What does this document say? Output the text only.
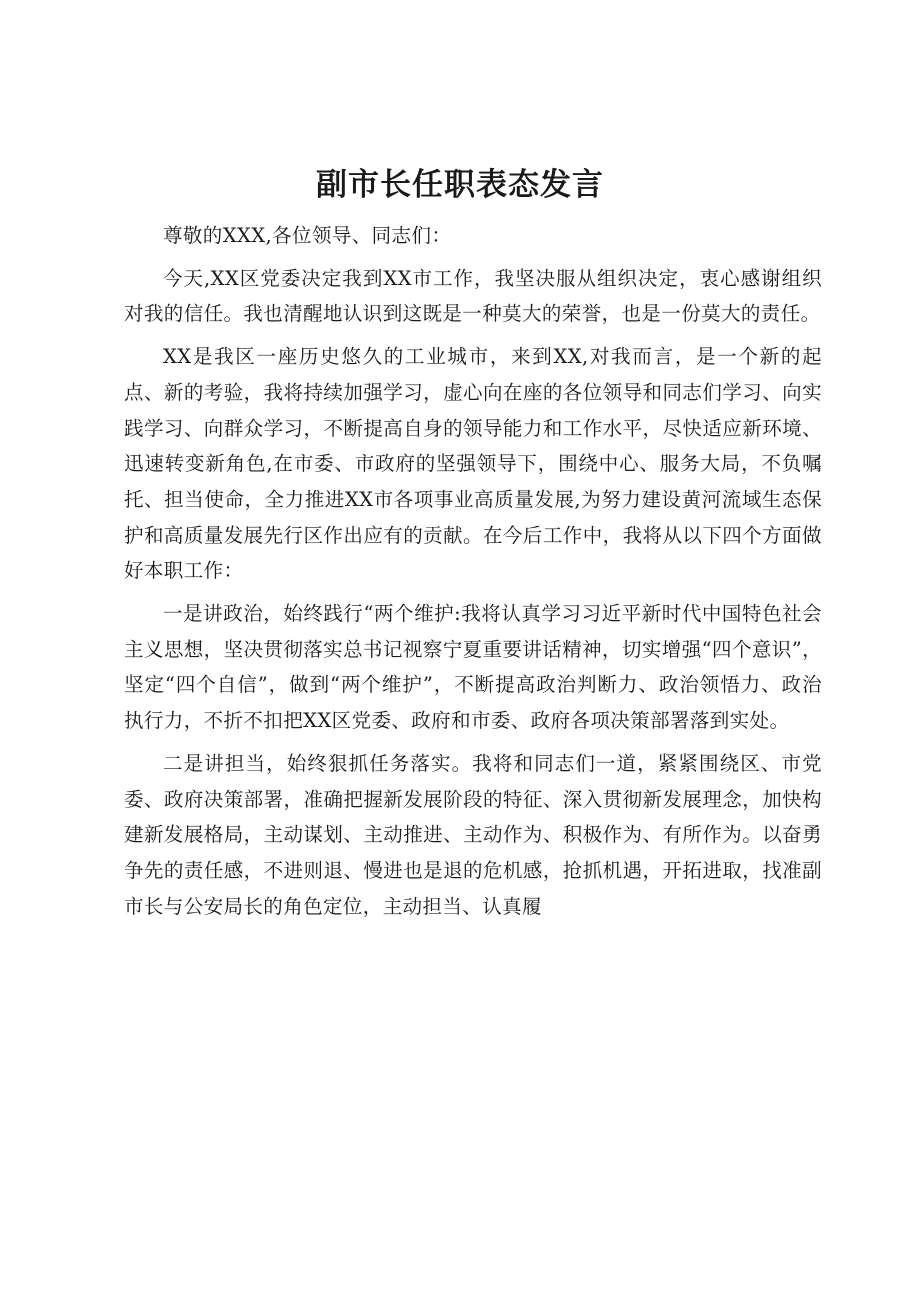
副市长任职表态发言

尊敬的XXX,各位领导、同志们：

今天,XX区党委决定我到XX市工作，我坚决服从组织决定，衷心感谢组织对我的信任。我也清醒地认识到这既是一种莫大的荣誉，也是一份莫大的责任。

XX是我区一座历史悠久的工业城市，来到XX,对我而言，是一个新的起点、新的考验，我将持续加强学习，虚心向在座的各位领导和同志们学习、向实践学习、向群众学习，不断提高自身的领导能力和工作水平，尽快适应新环境、迅速转变新角色,在市委、市政府的坚强领导下，围绕中心、服务大局，不负嘱托、担当使命，全力推进XX市各项事业高质量发展,为努力建设黄河流域生态保护和高质量发展先行区作出应有的贡献。在今后工作中，我将从以下四个方面做好本职工作：

一是讲政治，始终践行“两个维护:我将认真学习习近平新时代中国特色社会主义思想，坚决贯彻落实总书记视察宁夏重要讲话精神，切实增强“四个意识”，坚定“四个自信”，做到“两个维护”，不断提高政治判断力、政治领悟力、政治执行力，不折不扣把XX区党委、政府和市委、政府各项决策部署落到实处。

二是讲担当，始终狠抓任务落实。我将和同志们一道，紧紧围绕区、市党委、政府决策部署，准确把握新发展阶段的特征、深入贯彻新发展理念，加快构建新发展格局，主动谋划、主动推进、主动作为、积极作为、有所作为。以奋勇争先的责任感，不进则退、慢进也是退的危机感，抢抓机遇，开拓进取，找准副市长与公安局长的角色定位，主动担当、认真履
